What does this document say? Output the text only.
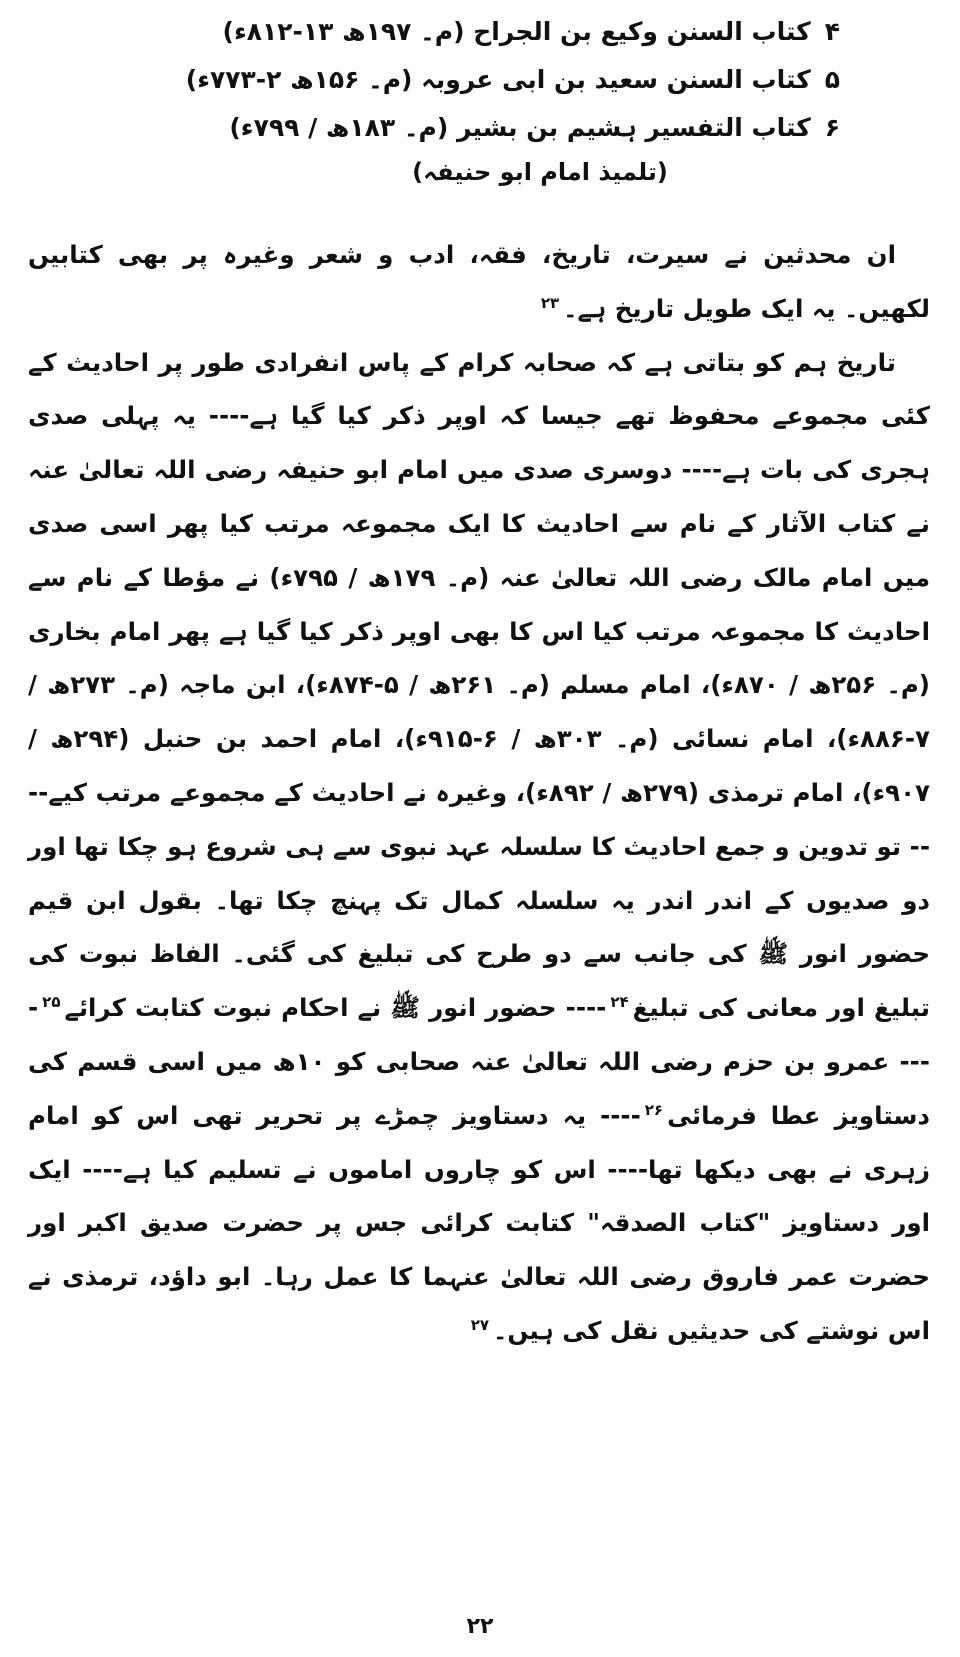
۴کتاب السنن وکیع بن الجراح (م۔ ۱۹۷ھ ۱۳-۸۱۲ء)
۵کتاب السنن سعید بن ابی عروبہ (م۔ ۱۵۶ھ ۲-۷۷۳ء)
۶کتاب التفسیر ہشیم بن بشیر (م۔ ۱۸۳ھ / ۷۹۹ء)
(تلمیذ امام ابو حنیفہ)

ان محدثین نے سیرت، تاریخ، فقہ، ادب و شعر وغیرہ پر بھی کتابیں لکھیں۔ یہ ایک طویل تاریخ ہے۔$^{۲۳}$

تاریخ ہم کو بتاتی ہے کہ صحابہ کرام کے پاس انفرادی طور پر احادیث کے کئی مجموعے محفوظ تھے جیسا کہ اوپر ذکر کیا گیا ہے---- یہ پہلی صدی ہجری کی بات ہے---- دوسری صدی میں امام ابو حنیفہ رضی اللہ تعالیٰ عنہ نے کتاب الآثار کے نام سے احادیث کا ایک مجموعہ مرتب کیا پھر اسی صدی میں امام مالک رضی اللہ تعالیٰ عنہ (م۔ ۱۷۹ھ / ۷۹۵ء) نے مؤطا کے نام سے احادیث کا مجموعہ مرتب کیا اس کا بھی اوپر ذکر کیا گیا ہے پھر امام بخاری (م۔ ۲۵۶ھ / ۸۷۰ء)، امام مسلم (م۔ ۲۶۱ھ / ۵-۸۷۴ء)، ابن ماجہ (م۔ ۲۷۳ھ / ۷-۸۸۶ء)، امام نسائی (م۔ ۳۰۳ھ / ۶-۹۱۵ء)، امام احمد بن حنبل (۲۹۴ھ / ۹۰۷ء)، امام ترمذی (۲۷۹ھ / ۸۹۲ء)، وغیرہ نے احادیث کے مجموعے مرتب کیے---- تو تدوین و جمع احادیث کا سلسلہ عہد نبوی سے ہی شروع ہو چکا تھا اور دو صدیوں کے اندر اندر یہ سلسلہ کمال تک پہنچ چکا تھا۔ بقول ابن قیم حضور انور ﷺ کی جانب سے دو طرح کی تبلیغ کی گئی۔ الفاظ نبوت کی تبلیغ اور معانی کی تبلیغ$^{۲۴}$---- حضور انور ﷺ نے احکام نبوت کتابت کرائے$^{۲۵}$---- عمرو بن حزم رضی اللہ تعالیٰ عنہ صحابی کو ۱۰ھ میں اسی قسم کی دستاویز عطا فرمائی$^{۲۶}$---- یہ دستاویز چمڑے پر تحریر تھی اس کو امام زہری نے بھی دیکھا تھا---- اس کو چاروں اماموں نے تسلیم کیا ہے---- ایک اور دستاویز "کتاب الصدقہ" کتابت کرائی جس پر حضرت صدیق اکبر اور حضرت عمر فاروق رضی اللہ تعالیٰ عنہما کا عمل رہا۔ ابو داؤد، ترمذی نے اس نوشتے کی حدیثیں نقل کی ہیں۔$^{۲۷}$

۲۲
